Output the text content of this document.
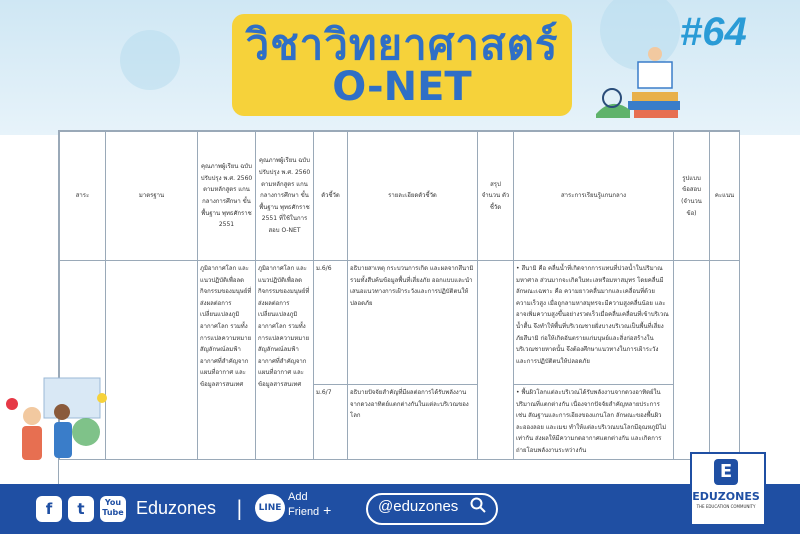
วิชาวิทยาศาสตร์
O-NET
#64
สาระ	มาตรฐาน	คุณภาพผู้เรียน ฉบับปรับปรุง พ.ศ. 2560 ตามหลักสูตร แกนกลางการศึกษา ขั้นพื้นฐาน พุทธศักราช 2551	คุณภาพผู้เรียน ฉบับปรับปรุง พ.ศ. 2560 ตามหลักสูตร แกนกลางการศึกษา ขั้นพื้นฐาน พุทธศักราช 2551 ที่ใช้ในการสอบ O-NET	ตัวชี้วัด	รายละเอียดตัวชี้วัด	สรุป จำนวน ตัวชี้วัด	สาระการเรียนรู้แกนกลาง	รูปแบบ ข้อสอบ (จำนวน ข้อ)	คะแนน
		ภูมิอากาศโลก และแนวปฏิบัติเพื่อลดกิจกรรมของมนุษย์ที่ส่งผลต่อการเปลี่ยนแปลงภูมิอากาศโลก รวมทั้งการแปลความหมายสัญลักษณ์ลมฟ้าอากาศที่สำคัญจากแผนที่อากาศ และข้อมูลสารสนเทศ	ภูมิอากาศโลก และแนวปฏิบัติเพื่อลดกิจกรรมของมนุษย์ที่ส่งผลต่อการเปลี่ยนแปลงภูมิอากาศโลก รวมทั้งการแปลความหมายสัญลักษณ์ลมฟ้าอากาศที่สำคัญจากแผนที่อากาศ และข้อมูลสารสนเทศ	ม.6/6	อธิบายสาเหตุ กระบวนการเกิด และผลจากสึนามิ รวมทั้งสืบค้นข้อมูลพื้นที่เสี่ยงภัย ออกแบบและนำเสนอแนวทางการเฝ้าระวังและการปฏิบัติตนให้ปลอดภัย		• สึนามิ คือ คลื่นน้ำที่เกิดจากการแทนที่ปวลน้ำในปริมาณมหาศาล ส่วนมากจะเกิดในทะเลหรือมหาสมุทร โดยคลื่นมีลักษณะเฉพาะ คือ ความยาวคลื่นมากและเคลื่อนที่ด้วยความเร็วสูง เมื่อถูกลามหาสมุทรจะมีความสูงคลื่นน้อย และอาจเพิ่มความสูงขึ้นอย่างรวดเร็วเมื่อคลื่นเคลื่อนที่เข้าบริเวณน้ำตื้น จึงทำให้พื้นที่บริเวณชายฝั่งบางบริเวณเป็นพื้นที่เสี่ยงภัยสึนามิ ก่อให้เกิดอันตรายแก่มนุษย์และสิ่งก่อสร้างในบริเวณชายหาดนั้น จึงต้องศึกษาแนวทางในการเฝ้าระวัง และการปฏิบัติตนให้ปลอดภัย		
				ม.6/7	อธิบายปัจจัยสำคัญที่มีผลต่อการได้รับพลังงานจากดวงอาทิตย์แตกต่างกันในแต่ละบริเวณของโลก		• พื้นผิวโลกแต่ละบริเวณได้รับพลังงานจากดวงอาทิตย์ในปริมาณที่แตกต่างกัน เนื่องจากปัจจัยสำคัญหลายประการ เช่น สัณฐานและการเอียงของแกนโลก ลักษณะของพื้นผิว ละอองลอย และเมฆ ทำให้แต่ละบริเวณบนโลกมีอุณหภูมิไม่เท่ากัน ส่งผลให้มีความกดอากาศแตกต่างกัน และเกิดการถ่ายโอนพลังงานระหว่างกัน		
f	t	You
Tube Eduzones |	LINE
Add
Friend +	@eduzones
E
EDUZONES
THE EDUCATION COMMUNITY
